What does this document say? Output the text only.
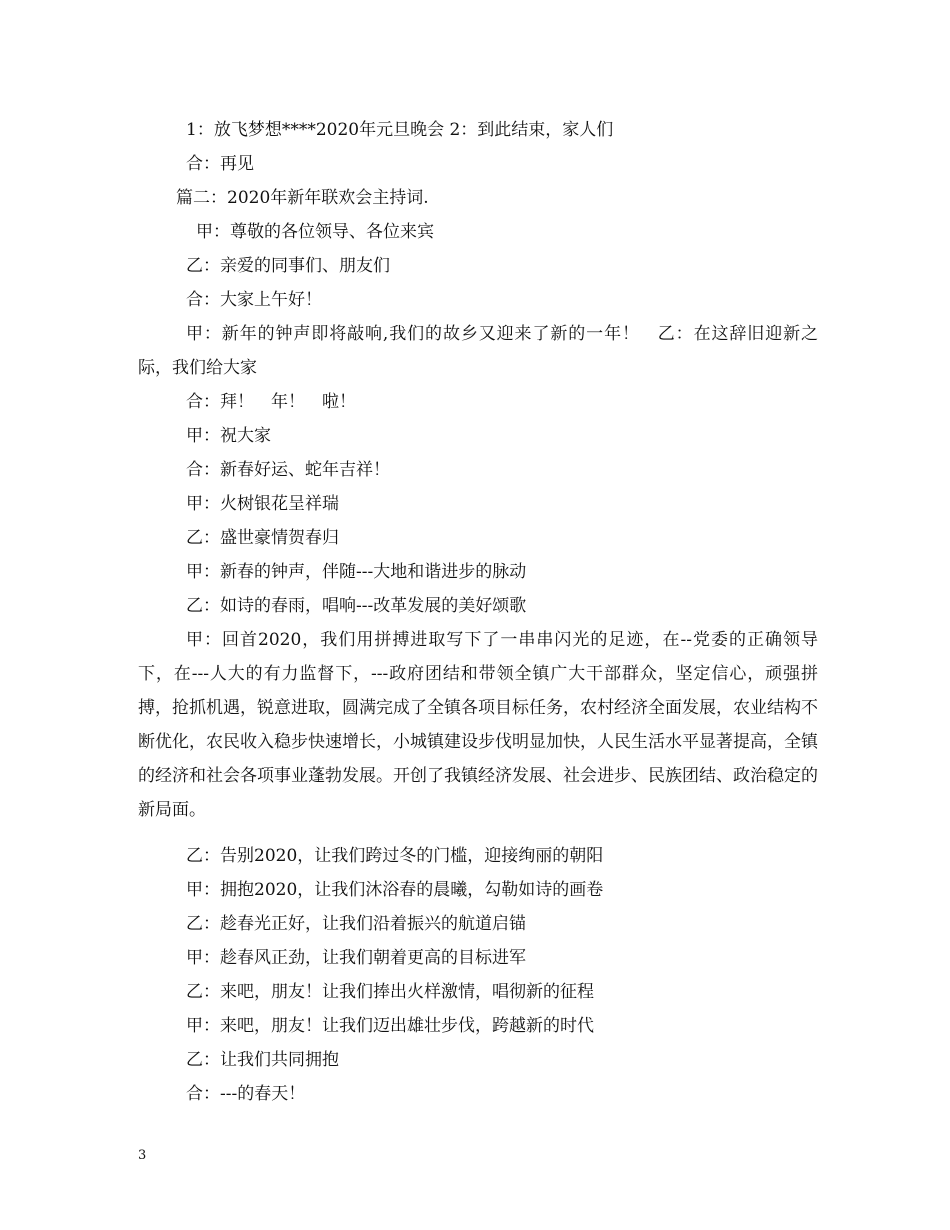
1：放飞梦想****2020年元旦晚会 2：到此结束，家人们
合：再见
篇二：2020年新年联欢会主持词.
甲：尊敬的各位领导、各位来宾
乙：亲爱的同事们、朋友们
合：大家上午好！

甲：新年的钟声即将敲响,我们的故乡又迎来了新的一年！　乙：在这辞旧迎新之际，我们给大家

合：拜！　年！　啦！
甲：祝大家
合：新春好运、蛇年吉祥！
甲：火树银花呈祥瑞
乙：盛世豪情贺春归
甲：新春的钟声，伴随---大地和谐进步的脉动
乙：如诗的春雨，唱响---改革发展的美好颂歌

甲：回首2020，我们用拼搏进取写下了一串串闪光的足迹，在--党委的正确领导下，在---人大的有力监督下，---政府团结和带领全镇广大干部群众，坚定信心，顽强拼搏，抢抓机遇，锐意进取，圆满完成了全镇各项目标任务，农村经济全面发展，农业结构不断优化，农民收入稳步快速增长，小城镇建设步伐明显加快，人民生活水平显著提高，全镇的经济和社会各项事业蓬勃发展。开创了我镇经济发展、社会进步、民族团结、政治稳定的新局面。

乙：告别2020，让我们跨过冬的门槛，迎接绚丽的朝阳
甲：拥抱2020，让我们沐浴春的晨曦，勾勒如诗的画卷
乙：趁春光正好，让我们沿着振兴的航道启锚
甲：趁春风正劲，让我们朝着更高的目标进军
乙：来吧，朋友！让我们捧出火样激情，唱彻新的征程
甲：来吧，朋友！让我们迈出雄壮步伐，跨越新的时代
乙：让我们共同拥抱
合：---的春天！
3
